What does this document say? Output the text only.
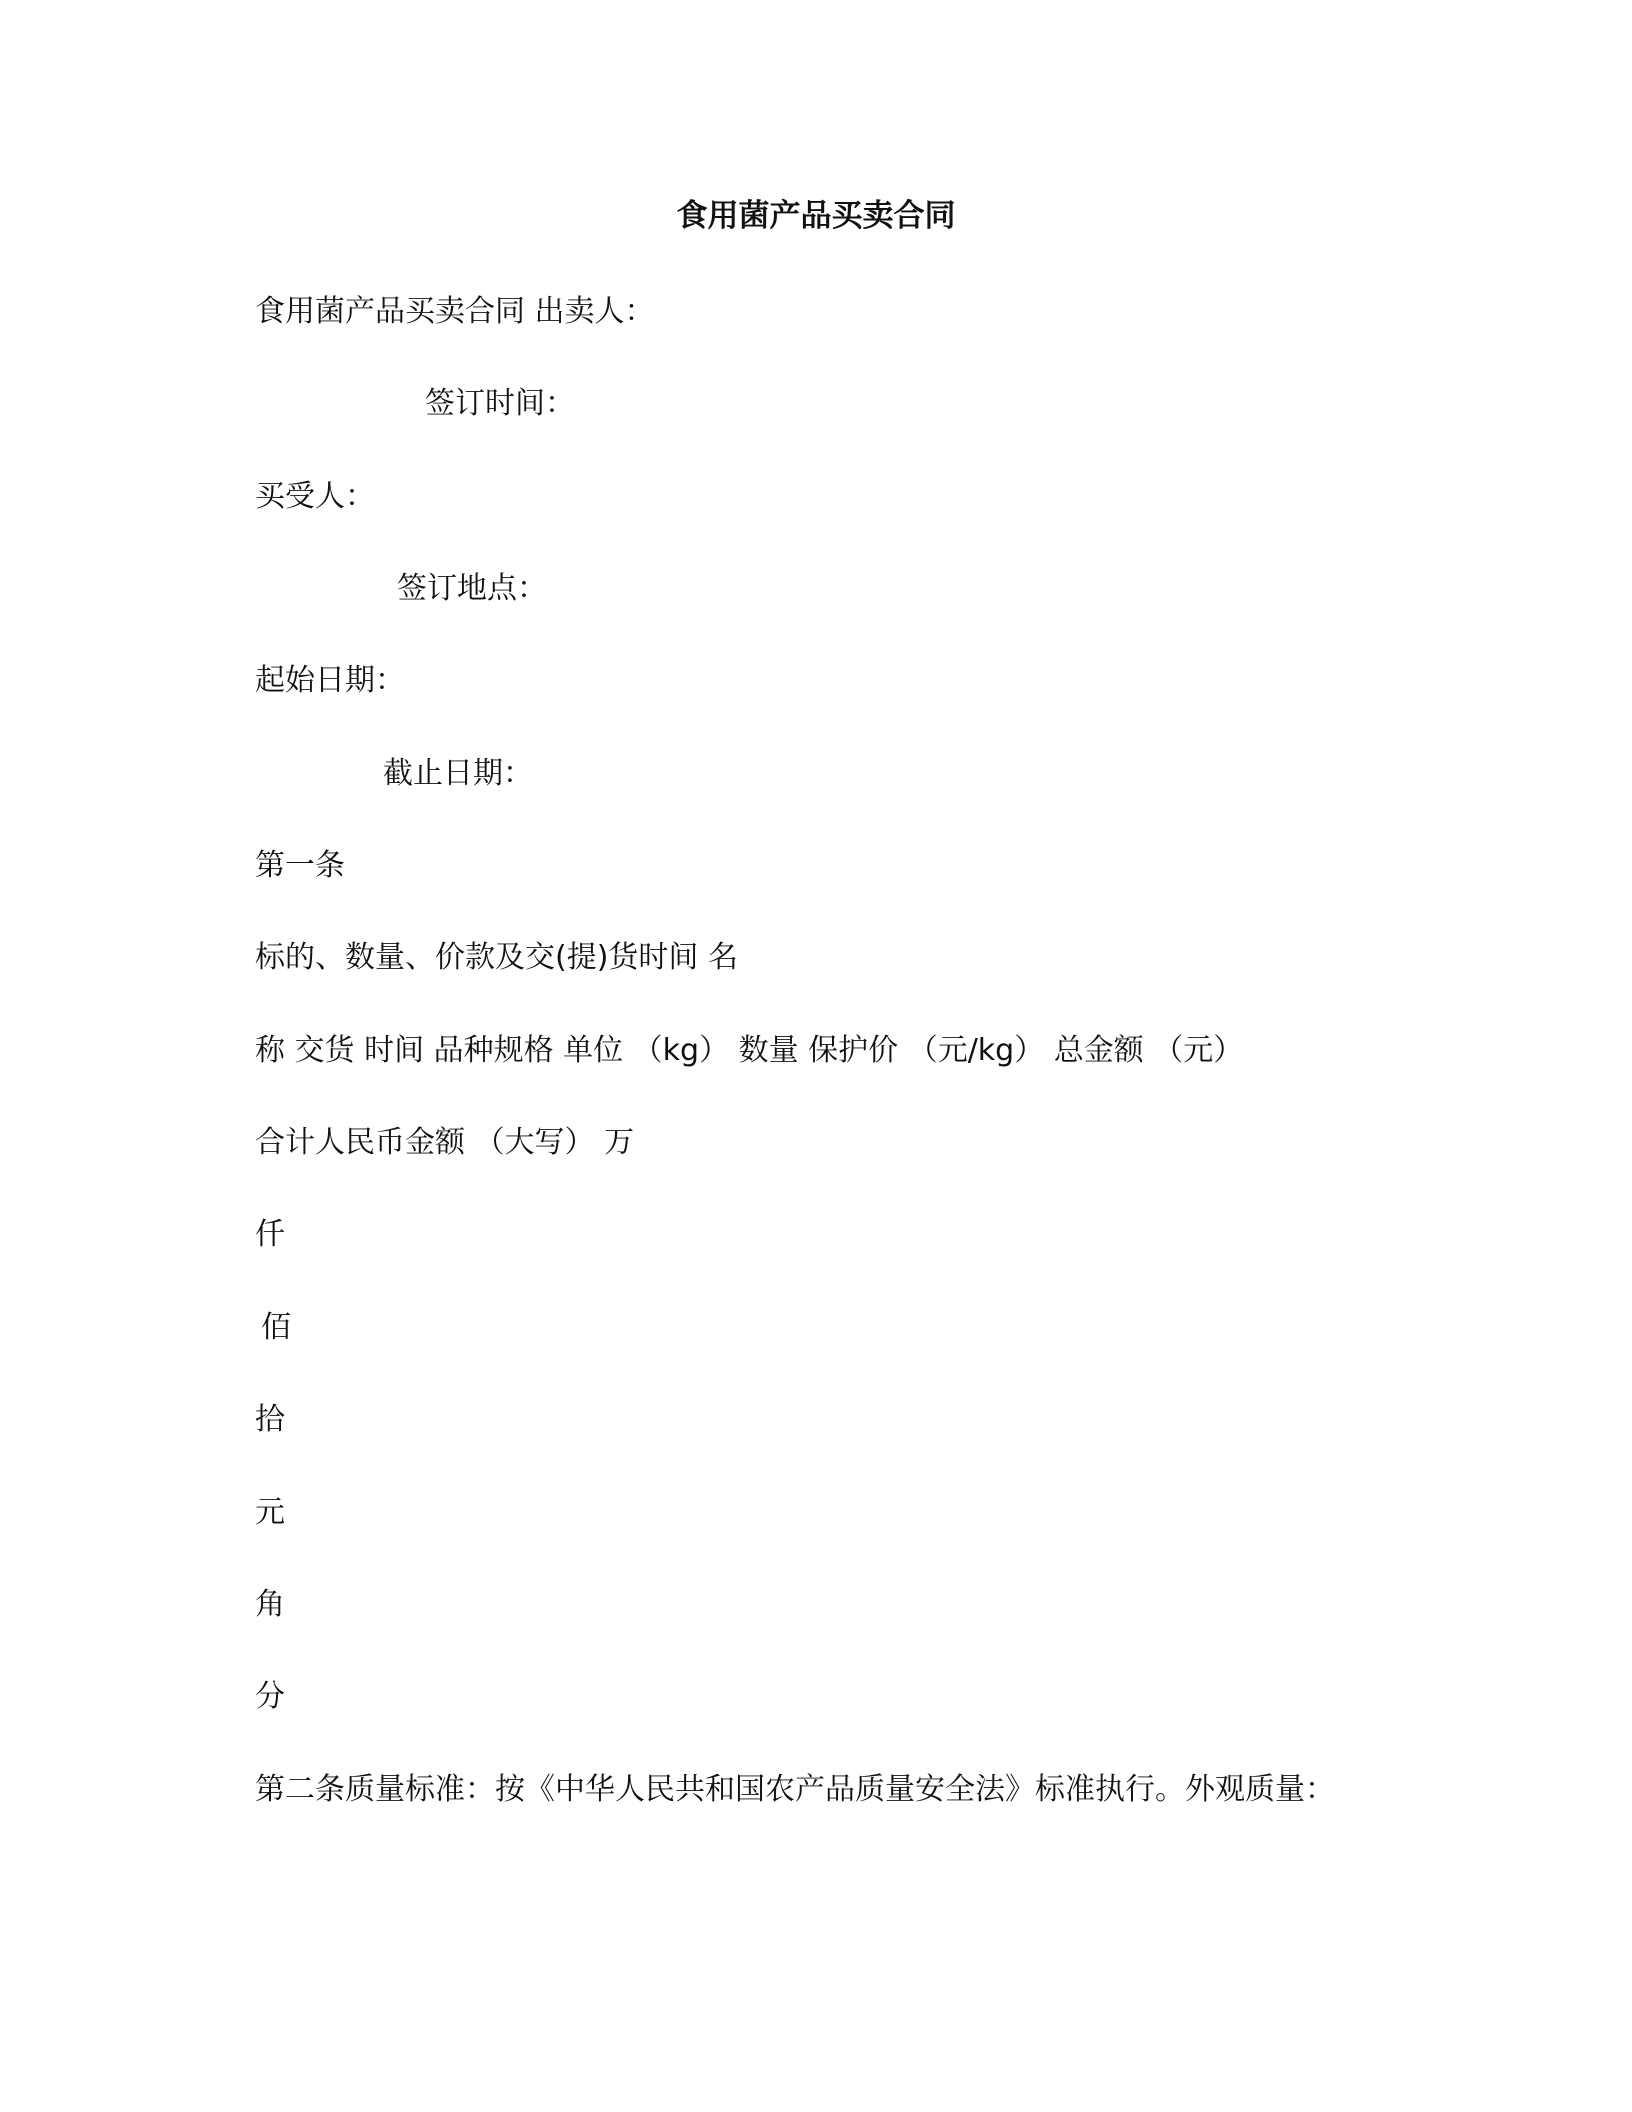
食用菌产品买卖合同
食用菌产品买卖合同 出卖人：
签订时间：
买受人：
签订地点：
起始日期：
截止日期：
第一条
标的、数量、价款及交(提)货时间 名
称 交货 时间 品种规格 单位 （kg） 数量 保护价 （元/kg） 总金额 （元）
合计人民币金额 （大写） 万
仟
佰
拾
元
角
分
第二条质量标准：按《中华人民共和国农产品质量安全法》标准执行。外观质量：
